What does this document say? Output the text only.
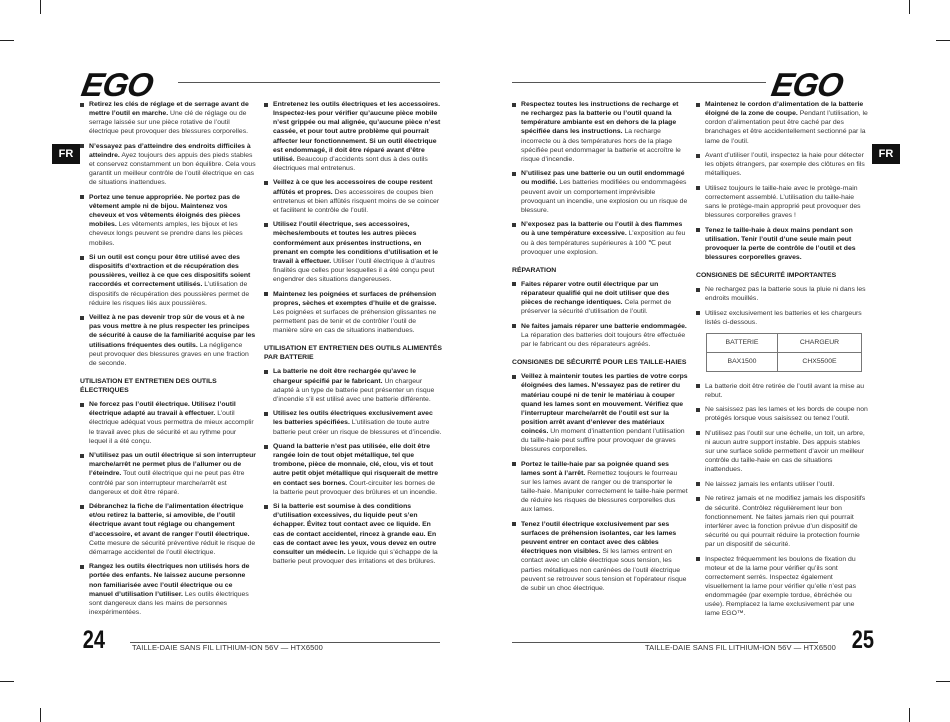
EGO	EGO
FR	FR
Retirez les clés de réglage et de serrage avant de mettre l’outil en marche. Une clé de réglage ou de serrage laissée sur une pièce rotative de l’outil électrique peut provoquer des blessures corporelles.
N’essayez pas d’atteindre des endroits difficiles à atteindre. Ayez toujours des appuis des pieds stables et conservez constamment un bon équilibre. Cela vous garantit un meilleur contrôle de l’outil électrique en cas de situations inattendues.
Portez une tenue appropriée. Ne portez pas de vêtement ample ni de bijou. Maintenez vos cheveux et vos vêtements éloignés des pièces mobiles. Les vêtements amples, les bijoux et les cheveux longs peuvent se prendre dans les pièces mobiles.
Si un outil est conçu pour être utilisé avec des dispositifs d’extraction et de récupération des poussières, veillez à ce que ces dispositifs soient raccordés et correctement utilisés. L’utilisation de dispositifs de récupération des poussières permet de réduire les risques liés aux poussières.
Veillez à ne pas devenir trop sûr de vous et à ne pas vous mettre à ne plus respecter les principes de sécurité à cause de la familiarité acquise par les utilisations fréquentes des outils. La négligence peut provoquer des blessures graves en une fraction de seconde.
UTILISATION ET ENTRETIEN DES OUTILS ÉLECTRIQUES
Ne forcez pas l’outil électrique. Utilisez l’outil électrique adapté au travail à effectuer. L’outil électrique adéquat vous permettra de mieux accomplir le travail avec plus de sécurité et au rythme pour lequel il a été conçu.
N’utilisez pas un outil électrique si son interrupteur marche/arrêt ne permet plus de l’allumer ou de l’éteindre. Tout outil électrique qui ne peut pas être contrôlé par son interrupteur marche/arrêt est dangereux et doit être réparé.
Débranchez la fiche de l’alimentation électrique et/ou retirez la batterie, si amovible, de l’outil électrique avant tout réglage ou changement d’accessoire, et avant de ranger l’outil électrique. Cette mesure de sécurité préventive réduit le risque de démarrage accidentel de l’outil électrique.
Rangez les outils électriques non utilisés hors de portée des enfants. Ne laissez aucune personne non familiarisée avec l’outil électrique ou ce manuel d’utilisation l’utiliser. Les outils électriques sont dangereux dans les mains de personnes inexpérimentées.
Entretenez les outils électriques et les accessoires. Inspectez-les pour vérifier qu’aucune pièce mobile n’est grippée ou mal alignée, qu’aucune pièce n’est cassée, et pour tout autre problème qui pourrait affecter leur fonctionnement. Si un outil électrique est endommagé, il doit être réparé avant d’être utilisé. Beaucoup d’accidents sont dus à des outils électriques mal entretenus.
Veillez à ce que les accessoires de coupe restent affûtés et propres. Des accessoires de coupes bien entretenus et bien affûtés risquent moins de se coincer et facilitent le contrôle de l’outil.
Utilisez l’outil électrique, ses accessoires, mèches/embouts et toutes les autres pièces conformément aux présentes instructions, en prenant en compte les conditions d’utilisation et le travail à effectuer. Utiliser l’outil électrique à d’autres finalités que celles pour lesquelles il a été conçu peut engendrer des situations dangereuses.
Maintenez les poignées et surfaces de préhension propres, sèches et exemptes d’huile et de graisse. Les poignées et surfaces de préhension glissantes ne permettent pas de tenir et de contrôler l’outil de manière sûre en cas de situations inattendues.
UTILISATION ET ENTRETIEN DES OUTILS ALIMENTÉS PAR BATTERIE
La batterie ne doit être rechargée qu’avec le chargeur spécifié par le fabricant. Un chargeur adapté à un type de batterie peut présenter un risque d’incendie s’il est utilisé avec une batterie différente.
Utilisez les outils électriques exclusivement avec les batteries spécifiées. L’utilisation de toute autre batterie peut créer un risque de blessures et d’incendie.
Quand la batterie n’est pas utilisée, elle doit être rangée loin de tout objet métallique, tel que trombone, pièce de monnaie, clé, clou, vis et tout autre petit objet métallique qui risquerait de mettre en contact ses bornes. Court-circuiter les bornes de la batterie peut provoquer des brûlures et un incendie.
Si la batterie est soumise à des conditions d’utilisation excessives, du liquide peut s’en échapper. Évitez tout contact avec ce liquide. En cas de contact accidentel, rincez à grande eau. En cas de contact avec les yeux, vous devez en outre consulter un médecin. Le liquide qui s’échappe de la batterie peut provoquer des irritations et des brûlures.
Respectez toutes les instructions de recharge et ne rechargez pas la batterie ou l’outil quand la température ambiante est en dehors de la plage spécifiée dans les instructions. La recharge incorrecte ou à des températures hors de la plage spécifiée peut endommager la batterie et accroître le risque d’incendie.
N’utilisez pas une batterie ou un outil endommagé ou modifié. Les batteries modifiées ou endommagées peuvent avoir un comportement imprévisible provoquant un incendie, une explosion ou un risque de blessure.
N’exposez pas la batterie ou l’outil à des flammes ou à une température excessive. L’exposition au feu ou à des températures supérieures à 100 ℃ peut provoquer une explosion.
RÉPARATION
Faites réparer votre outil électrique par un réparateur qualifié qui ne doit utiliser que des pièces de rechange identiques. Cela permet de préserver la sécurité d’utilisation de l’outil.
Ne faites jamais réparer une batterie endommagée. La réparation des batteries doit toujours être effectuée par le fabricant ou des réparateurs agréés.
CONSIGNES DE SÉCURITÉ POUR LES TAILLE-HAIES
Veillez à maintenir toutes les parties de votre corps éloignées des lames. N’essayez pas de retirer du matériau coupé ni de tenir le matériau à couper quand les lames sont en mouvement. Vérifiez que l’interrupteur marche/arrêt de l’outil est sur la position arrêt avant d’enlever des matériaux coincés. Un moment d’inattention pendant l’utilisation du taille-haie peut suffire pour provoquer de graves blessures corporelles.
Portez le taille-haie par sa poignée quand ses lames sont à l’arrêt. Remettez toujours le fourreau sur les lames avant de ranger ou de transporter le taille-haie. Manipuler correctement le taille-haie permet de réduire les risques de blessures corporelles dus aux lames.
Tenez l’outil électrique exclusivement par ses surfaces de préhension isolantes, car les lames peuvent entrer en contact avec des câbles électriques non visibles. Si les lames entrent en contact avec un câble électrique sous tension, les parties métalliques non carénées de l’outil électrique peuvent se retrouver sous tension et l’opérateur risque de subir un choc électrique.
Maintenez le cordon d’alimentation de la batterie éloigné de la zone de coupe. Pendant l’utilisation, le cordon d’alimentation peut être caché par des branchages et être accidentellement sectionné par la lame de l’outil.
Avant d’utiliser l’outil, inspectez la haie pour détecter les objets étrangers, par exemple des clôtures en fils métalliques.
Utilisez toujours le taille-haie avec le protège-main correctement assemblé. L’utilisation du taille-haie sans le protège-main approprié peut provoquer des blessures corporelles graves !
Tenez le taille-haie à deux mains pendant son utilisation. Tenir l’outil d’une seule main peut provoquer la perte de contrôle de l’outil et des blessures corporelles graves.
CONSIGNES DE SÉCURITÉ IMPORTANTES
Ne rechargez pas la batterie sous la pluie ni dans les endroits mouillés.
Utilisez exclusivement les batteries et les chargeurs listés ci-dessous.
BATTERIE	CHARGEUR
BAX1500	CHX5500E
La batterie doit être retirée de l’outil avant la mise au rebut.
Ne saisissez pas les lames et les bords de coupe non protégés lorsque vous saisissez ou tenez l’outil.
N’utilisez pas l’outil sur une échelle, un toit, un arbre, ni aucun autre support instable. Des appuis stables sur une surface solide permettent d’avoir un meilleur contrôle du taille-haie en cas de situations inattendues.
Ne laissez jamais les enfants utiliser l’outil.
Ne retirez jamais et ne modifiez jamais les dispositifs de sécurité. Contrôlez régulièrement leur bon fonctionnement. Ne faites jamais rien qui pourrait interférer avec la fonction prévue d’un dispositif de sécurité ou qui pourrait réduire la protection fournie par un dispositif de sécurité.
Inspectez fréquemment les boulons de fixation du moteur et de la lame pour vérifier qu’ils sont correctement serrés. Inspectez également visuellement la lame pour vérifier qu’elle n’est pas endommagée (par exemple tordue, ébréchée ou usée). Remplacez la lame exclusivement par une lame EGO™.
24	TAILLE-DAIE SANS FIL LITHIUM-ION 56V — HTX6500	25
TAILLE-DAIE SANS FIL LITHIUM-ION 56V — HTX6500
